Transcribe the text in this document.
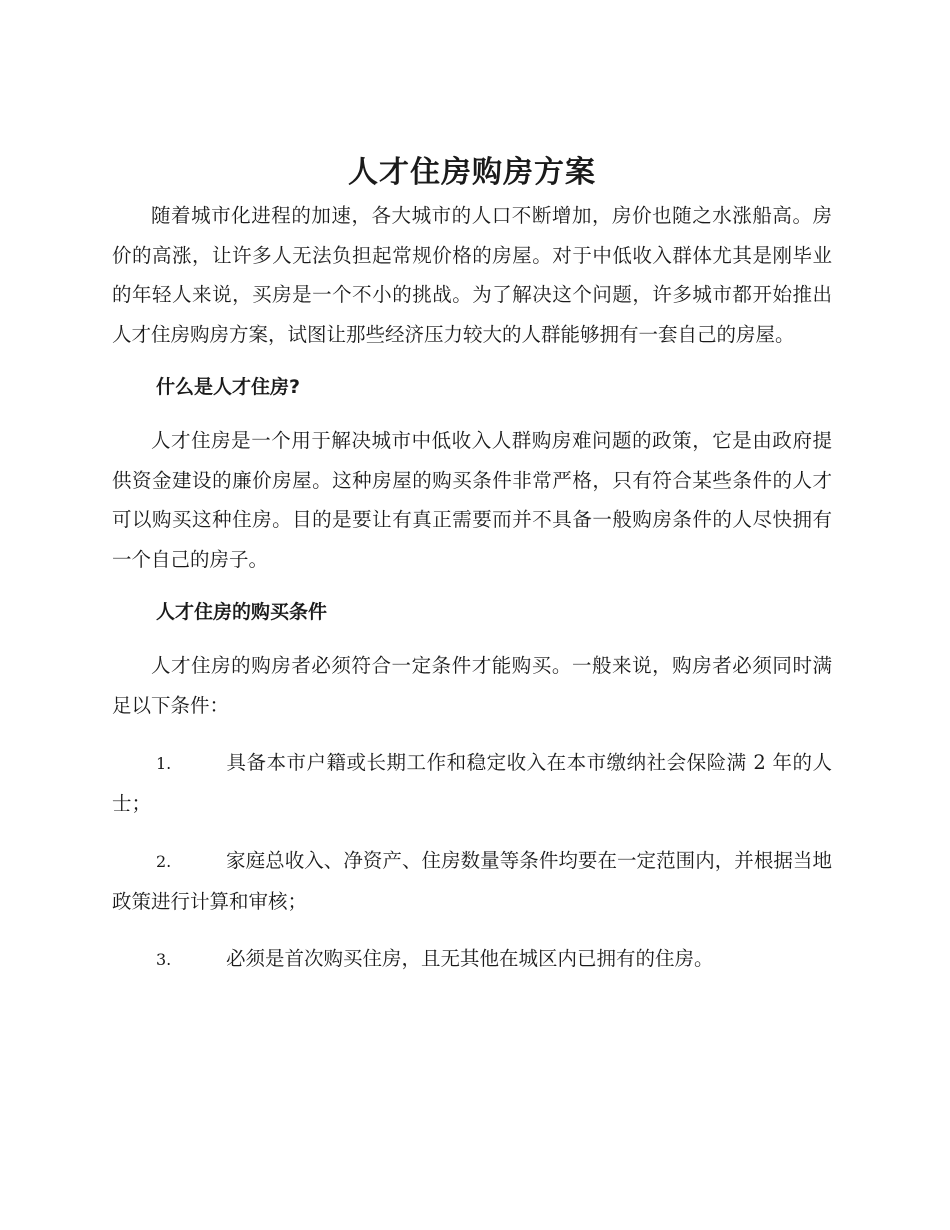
人才住房购房方案

随着城市化进程的加速，各大城市的人口不断增加，房价也随之水涨船高。房价的高涨，让许多人无法负担起常规价格的房屋。对于中低收入群体尤其是刚毕业的年轻人来说，买房是一个不小的挑战。为了解决这个问题，许多城市都开始推出人才住房购房方案，试图让那些经济压力较大的人群能够拥有一套自己的房屋。

什么是人才住房?

人才住房是一个用于解决城市中低收入人群购房难问题的政策，它是由政府提供资金建设的廉价房屋。这种房屋的购买条件非常严格，只有符合某些条件的人才可以购买这种住房。目的是要让有真正需要而并不具备一般购房条件的人尽快拥有一个自己的房子。

人才住房的购买条件

人才住房的购房者必须符合一定条件才能购买。一般来说，购房者必须同时满足以下条件：

1.	具备本市户籍或长期工作和稳定收入在本市缴纳社会保险满 2 年的人士；

2.	家庭总收入、净资产、住房数量等条件均要在一定范围内，并根据当地政策进行计算和审核；

3.	必须是首次购买住房，且无其他在城区内已拥有的住房。
